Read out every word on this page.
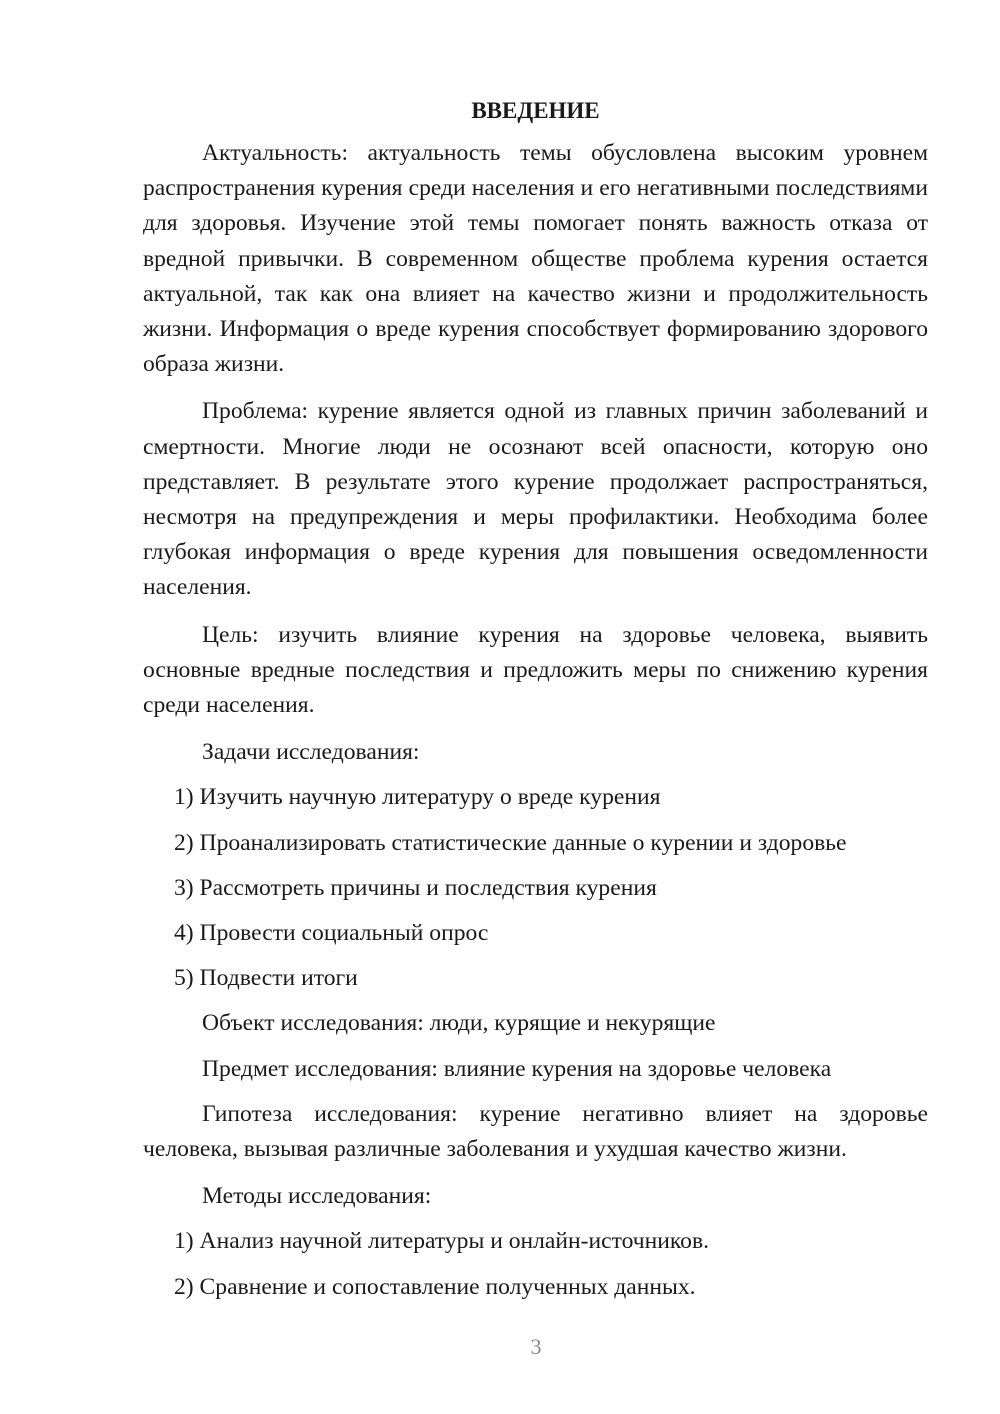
ВВЕДЕНИЕ

Актуальность: актуальность темы обусловлена высоким уровнем распространения курения среди населения и его негативными последствиями для здоровья. Изучение этой темы помогает понять важность отказа от вредной привычки. В современном обществе проблема курения остается актуальной, так как она влияет на качество жизни и продолжительность жизни. Информация о вреде курения способствует формированию здорового образа жизни.

Проблема: курение является одной из главных причин заболеваний и смертности. Многие люди не осознают всей опасности, которую оно представляет. В результате этого курение продолжает распространяться, несмотря на предупреждения и меры профилактики. Необходима более глубокая информация о вреде курения для повышения осведомленности населения.

Цель: изучить влияние курения на здоровье человека, выявить основные вредные последствия и предложить меры по снижению курения среди населения.

Задачи исследования:

1) Изучить научную литературу о вреде курения

2) Проанализировать статистические данные о курении и здоровье

3) Рассмотреть причины и последствия курения

4) Провести социальный опрос

5) Подвести итоги

Объект исследования: люди, курящие и некурящие

Предмет исследования: влияние курения на здоровье человека

Гипотеза исследования: курение негативно влияет на здоровье человека, вызывая различные заболевания и ухудшая качество жизни.

Методы исследования:

1) Анализ научной литературы и онлайн-источников.

2) Сравнение и сопоставление полученных данных.

3
